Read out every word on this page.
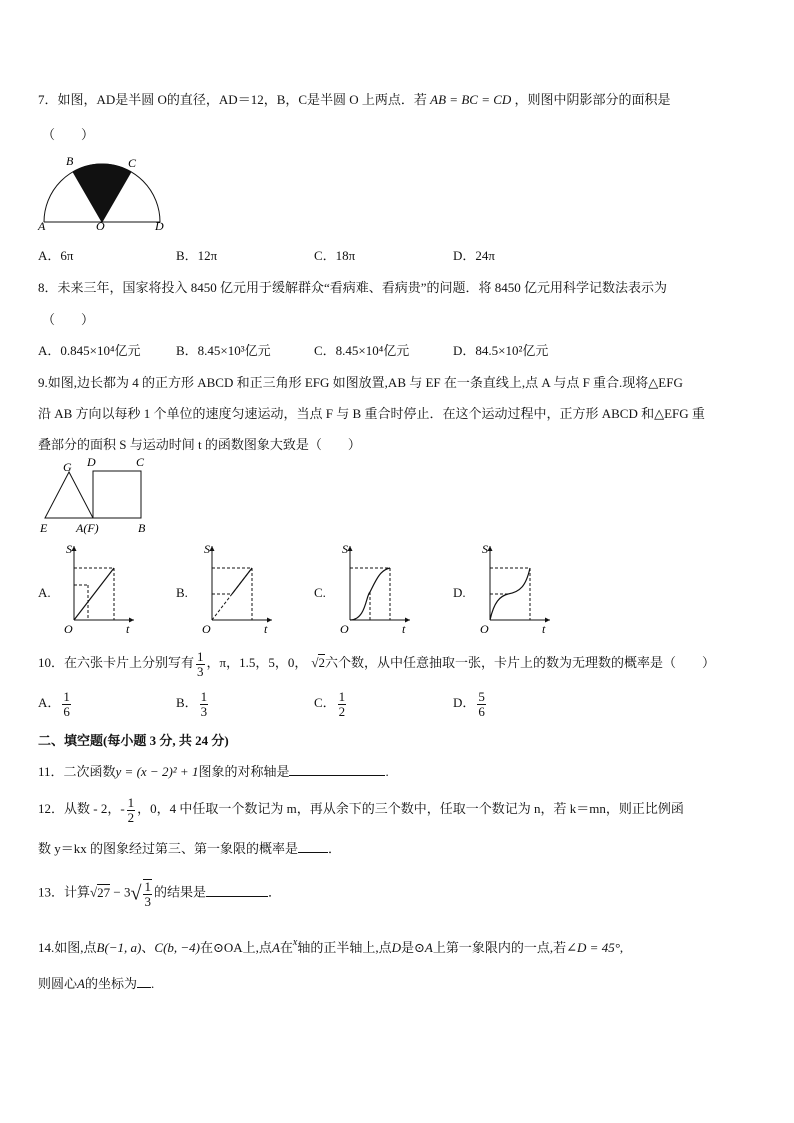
7．如图，AD是半圆 O的直径，AD＝12，B，C是半圆 O 上两点．若 AB = BC = CD ，则图中阴影部分的面积是
（　　）
B	C
A	O	D
A．6π	B．12π	C．18π	D．24π
8．未来三年，国家将投入 8450 亿元用于缓解群众“看病难、看病贵”的问题．将 8450 亿元用科学记数法表示为
（　　）
A．0.845×10⁴亿元	B．8.45×10³亿元	C．8.45×10⁴亿元	D．84.5×10²亿元
9.如图,边长都为 4 的正方形 ABCD 和正三角形 EFG 如图放置,AB 与 EF 在一条直线上,点 A 与点 F 重合.现将△EFG
沿 AB 方向以每秒 1 个单位的速度匀速运动，当点 F 与 B 重合时停止．在这个运动过程中，正方形 ABCD 和△EFG 重
叠部分的面积 S 与运动时间 t 的函数图象大致是（　　）
G D	C
E A(F)	B
A.
S
O	t
B.
S
O	t
C.
S
O	t
D.
S
O	t
10．在六张卡片上分别写有 $\frac{1}{3}$ ，π，1.5，5，0， √2六个数，从中任意抽取一张，卡片上的数为无理数的概率是（　　）
A． $\frac{1}{6}$	B． $\frac{1}{3}$	C． $\frac{1}{2}$	D． $\frac{5}{6}$
二、填空题(每小题 3 分, 共 24 分)
11．二次函数y = (x − 2)² + 1图象的对称轴是	.
12．从数 - 2，- $\frac{1}{2}$ ，0，4 中任取一个数记为 m，再从余下的三个数中，任取一个数记为 n，若 k＝mn，则正比例函
数 y＝kx 的图象经过第三、第一象限的概率是 ．
13．计算$√27 - 3√ \frac{1}{3}$ 的结果是	．
14.如图,点B(−1, a)、C(b, −4)在⊙OA上,点A在$^x$轴的正半轴上,点D是⊙A上第一象限内的一点,若∠D = 45°,
则圆心A的坐标为 .
